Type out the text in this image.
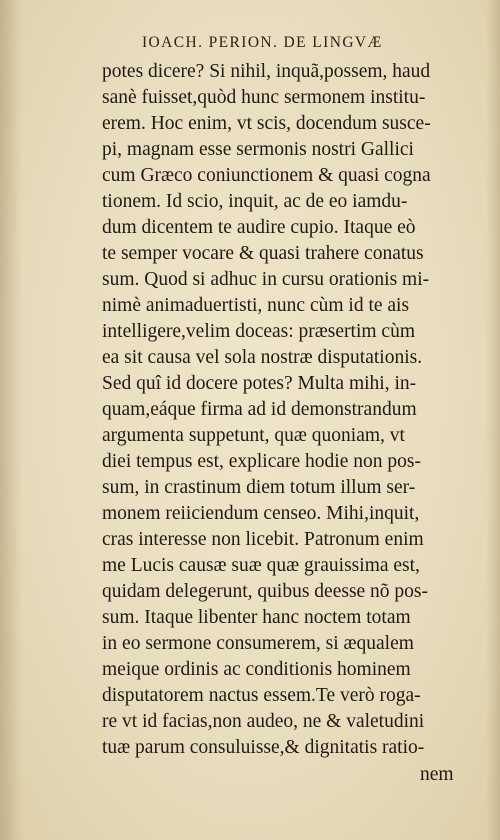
IOACH. PERION. DE LINGVÆ
potes dicere? Si nihil, inquã,possem, haud
sanè fuisset,quòd hunc sermonem institu-
erem. Hoc enim, vt scis, docendum susce-
pi, magnam esse sermonis nostri Gallici
cum Græco coniunctionem & quasi cogna
tionem. Id scio, inquit, ac de eo iamdu-
dum dicentem te audire cupio. Itaque eò
te semper vocare & quasi trahere conatus
sum. Quod si adhuc in cursu orationis mi-
nimè animaduertisti, nunc cùm id te ais
intelligere,velim doceas: præsertim cùm
ea sit causa vel sola nostræ disputationis.
Sed quî id docere potes? Multa mihi, in-
quam,eáque firma ad id demonstrandum
argumenta suppetunt, quæ quoniam, vt
diei tempus est, explicare hodie non pos-
sum, in crastinum diem totum illum ser-
monem reiiciendum censeo. Mihi,inquit,
cras interesse non licebit. Patronum enim
me Lucis causæ suæ quæ grauissima est,
quidam delegerunt, quibus deesse nõ pos-
sum. Itaque libenter hanc noctem totam
in eo sermone consumerem, si æqualem
meique ordinis ac conditionis hominem
disputatorem nactus essem.Te verò roga-
re vt id facias,non audeo, ne & valetudini
tuæ parum consuluisse,& dignitatis ratio-
nem
